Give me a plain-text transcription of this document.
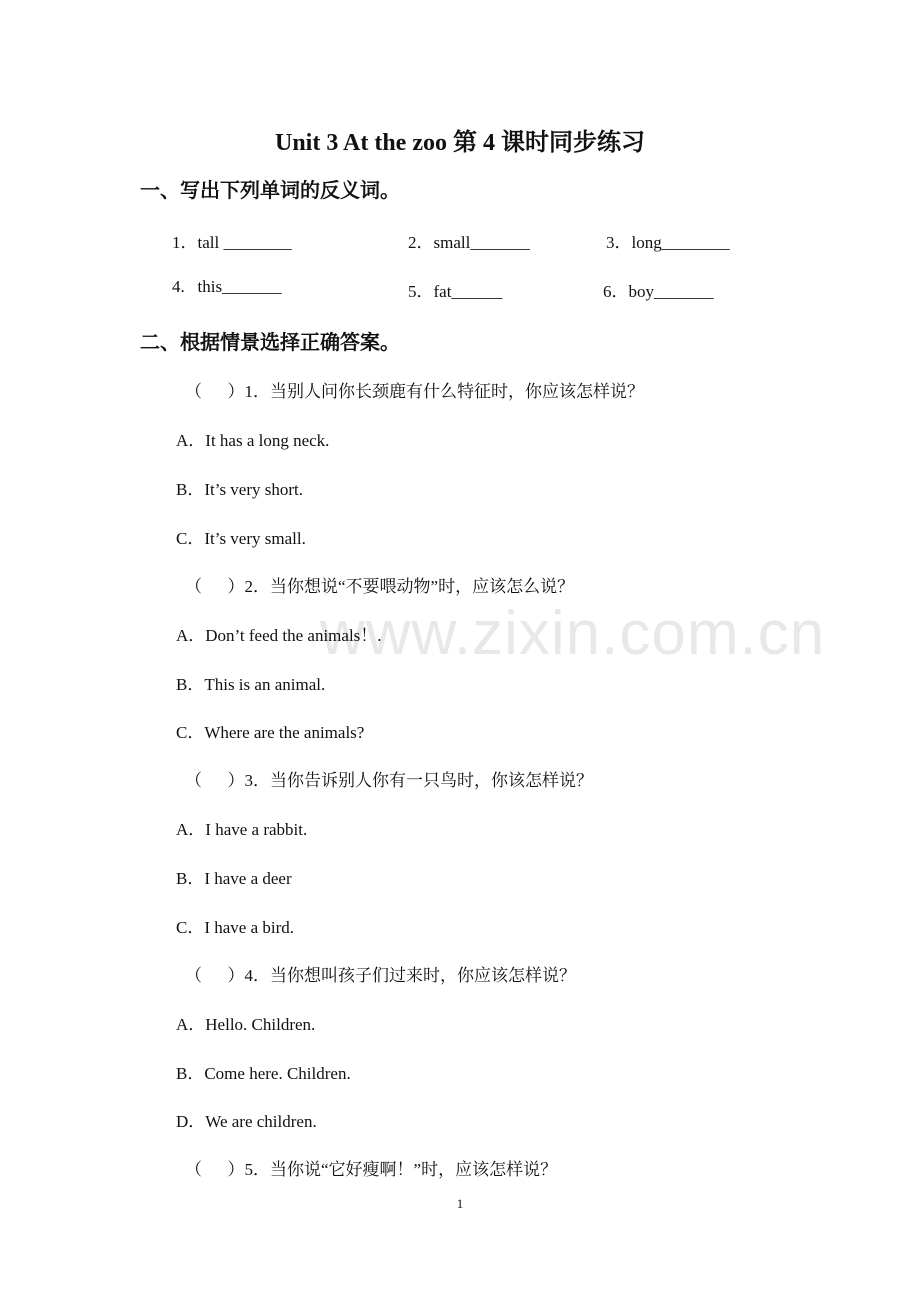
www.zixin.com.cn
Unit 3 At the zoo 第 4 课时同步练习
一、写出下列单词的反义词。
1．tall ________	2．small_______	3．long________
4.   this_______	5．fat______	6．boy_______
二、根据情景选择正确答案。
（      ）1．当别人问你长颈鹿有什么特征时，你应该怎样说？
A．It has a long neck.
B．It’s very short.
C．It’s very small.
（      ）2．当你想说“不要喂动物”时，应该怎么说？
A．Don’t feed the animals！.
B．This is an animal.
C．Where are the animals?
（      ）3．当你告诉别人你有一只鸟时，你该怎样说？
A．I have a rabbit.
B．I have a deer
C．I have a bird.
（      ）4．当你想叫孩子们过来时，你应该怎样说？
A．Hello. Children.
B．Come here. Children.
D．We are children.
（      ）5．当你说“它好瘦啊！”时，应该怎样说？
1
